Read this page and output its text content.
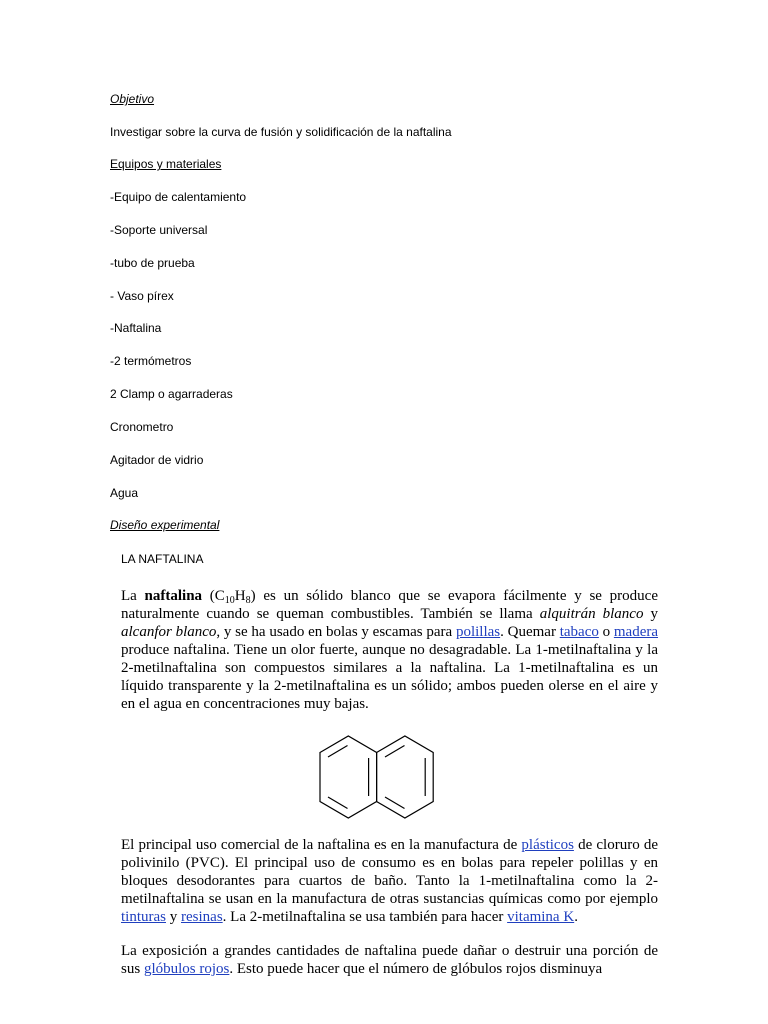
Objetivo
Investigar sobre la curva de fusión y solidificación de la naftalina
Equipos y materiales
-Equipo de calentamiento
-Soporte universal
-tubo de prueba
- Vaso pírex
-Naftalina
-2 termómetros
2 Clamp o agarraderas
Cronometro
Agitador de vidrio
Agua
Diseño experimental
LA NAFTALINA
La naftalina $(C_{10}H_8)$ es un sólido blanco que se evapora fácilmente y se produce naturalmente cuando se queman combustibles. También se llama alquitrán blanco y alcanfor blanco, y se ha usado en bolas y escamas para polillas. Quemar tabaco o madera produce naftalina. Tiene un olor fuerte, aunque no desagradable. La 1-metilnaftalina y la 2-metilnaftalina son compuestos similares a la naftalina. La 1-metilnaftalina es un líquido transparente y la 2-metilnaftalina es un sólido; ambos pueden olerse en el aire y en el agua en concentraciones muy bajas.
El principal uso comercial de la naftalina es en la manufactura de plásticos de cloruro de polivinilo (PVC). El principal uso de consumo es en bolas para repeler polillas y en bloques desodorantes para cuartos de baño. Tanto la 1-metilnaftalina como la 2-metilnaftalina se usan en la manufactura de otras sustancias químicas como por ejemplo tinturas y resinas. La 2-metilnaftalina se usa también para hacer vitamina K.
La exposición a grandes cantidades de naftalina puede dañar o destruir una porción de sus glóbulos rojos. Esto puede hacer que el número de glóbulos rojos disminuya
